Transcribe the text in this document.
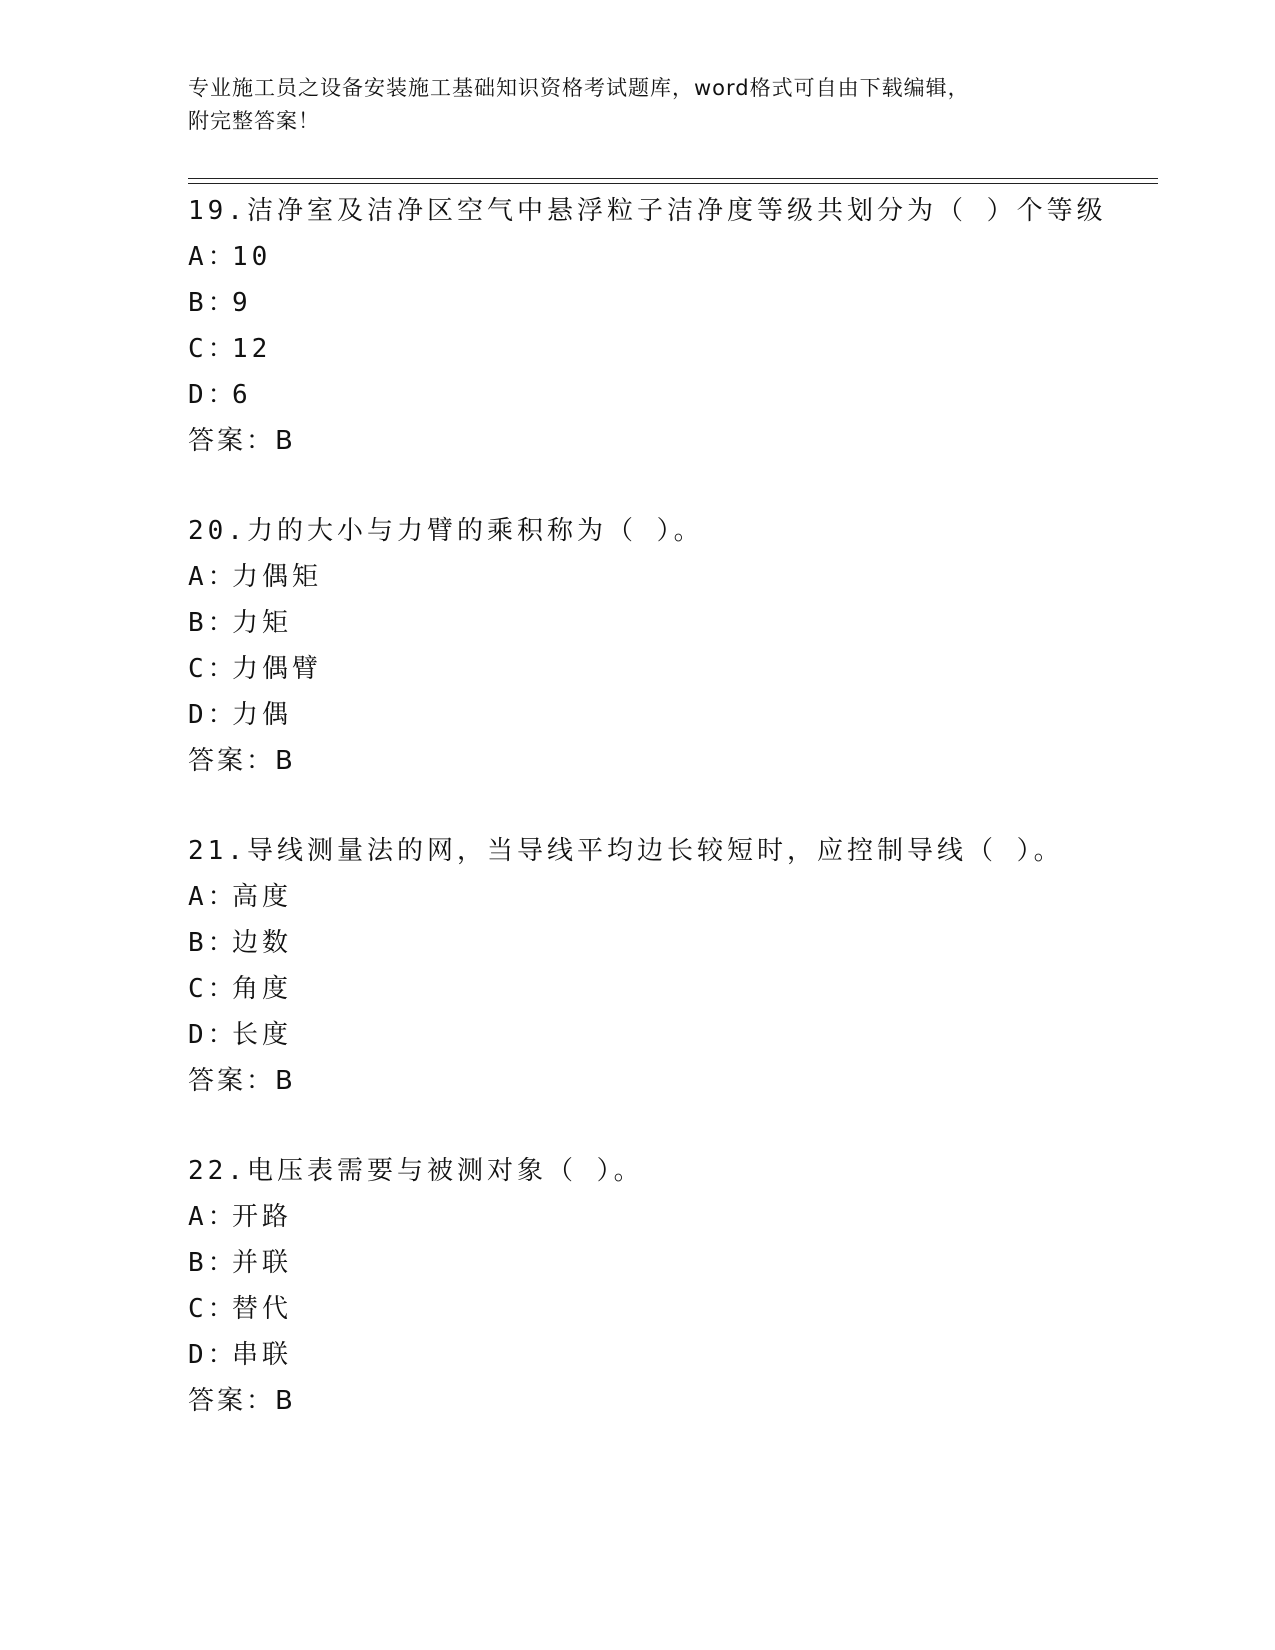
专业施工员之设备安装施工基础知识资格考试题库，word格式可自由下载编辑，
附完整答案！
19.洁净室及洁净区空气中悬浮粒子洁净度等级共划分为（ ）个等级
A：10
B：9
C：12
D：6
答案：B
20.力的大小与力臂的乘积称为（ ）。
A：力偶矩
B：力矩
C：力偶臂
D：力偶
答案：B
21.导线测量法的网，当导线平均边长较短时，应控制导线（ ）。
A：高度
B：边数
C：角度
D：长度
答案：B
22.电压表需要与被测对象（ ）。
A：开路
B：并联
C：替代
D：串联
答案：B
